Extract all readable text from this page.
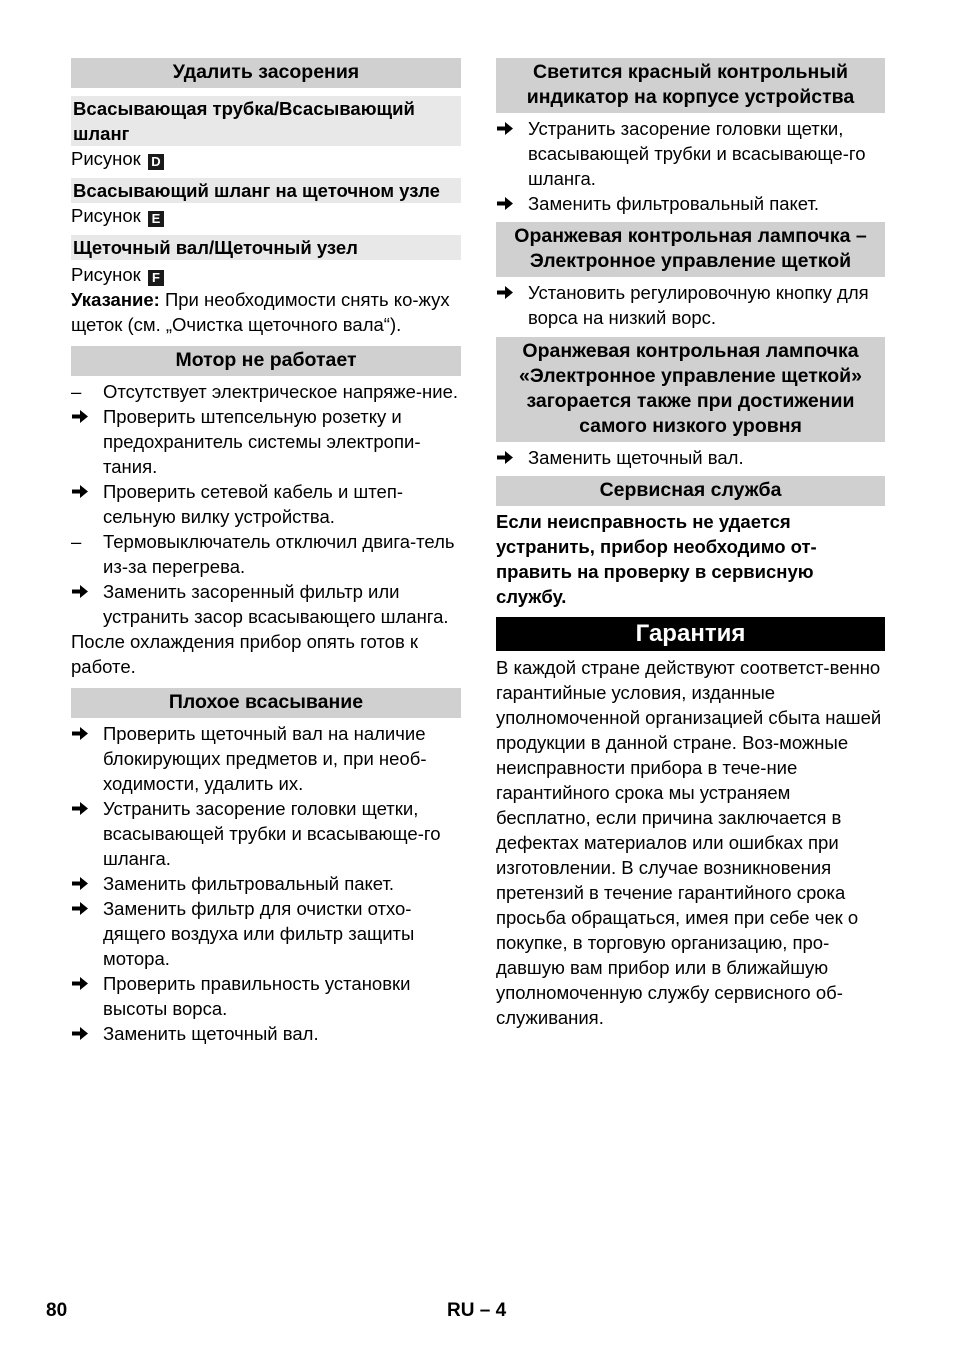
Удалить засорения
Всасывающая трубка/Всасывающий шланг
Рисунок D
Всасывающий шланг на щеточном узле
Рисунок E
Щеточный вал/Щеточный узел
Рисунок F
Указание: При необходимости снять ко-жух щеток (см. „Очистка щеточного вала“).
Мотор не работает
– Отсутствует электрическое напряже-ние.
Проверить штепсельную розетку и предохранитель системы электропи-тания.
Проверить сетевой кабель и штеп-сельную вилку устройства.
– Термовыключатель отключил двига-тель из-за перегрева.
Заменить засоренный фильтр или устранить засор всасывающего шланга.
После охлаждения прибор опять готов к работе.
Плохое всасывание
Проверить щеточный вал на наличие блокирующих предметов и, при необ-ходимости, удалить их.
Устранить засорение головки щетки, всасывающей трубки и всасывающе-го шланга.
Заменить фильтровальный пакет.
Заменить фильтр для очистки отхо-дящего воздуха или фильтр защиты мотора.
Проверить правильность установки высоты ворса.
Заменить щеточный вал.
Светится красный контрольный индикатор на корпусе устройства
Устранить засорение головки щетки, всасывающей трубки и всасывающе-го шланга.
Заменить фильтровальный пакет.
Оранжевая контрольная лампочка – Электронное управление щеткой
Установить регулировочную кнопку для ворса на низкий ворс.
Оранжевая контрольная лампочка «Электронное управление щеткой» загорается также при достижении самого низкого уровня
Заменить щеточный вал.
Сервисная служба
Если неисправность не удается устранить, прибор необходимо от-править на проверку в сервисную службу.
Гарантия
В каждой стране действуют соответст-венно гарантийные условия, изданные уполномоченной организацией сбыта нашей продукции в данной стране. Воз-можные неисправности прибора в тече-ние гарантийного срока мы устраняем бесплатно, если причина заключается в дефектах материалов или ошибках при изготовлении. В случае возникновения претензий в течение гарантийного срока просьба обращаться, имея при себе чек о покупке, в торговую организацию, про-давшую вам прибор или в ближайшую уполномоченную службу сервисного об-служивания.
80	RU – 4
